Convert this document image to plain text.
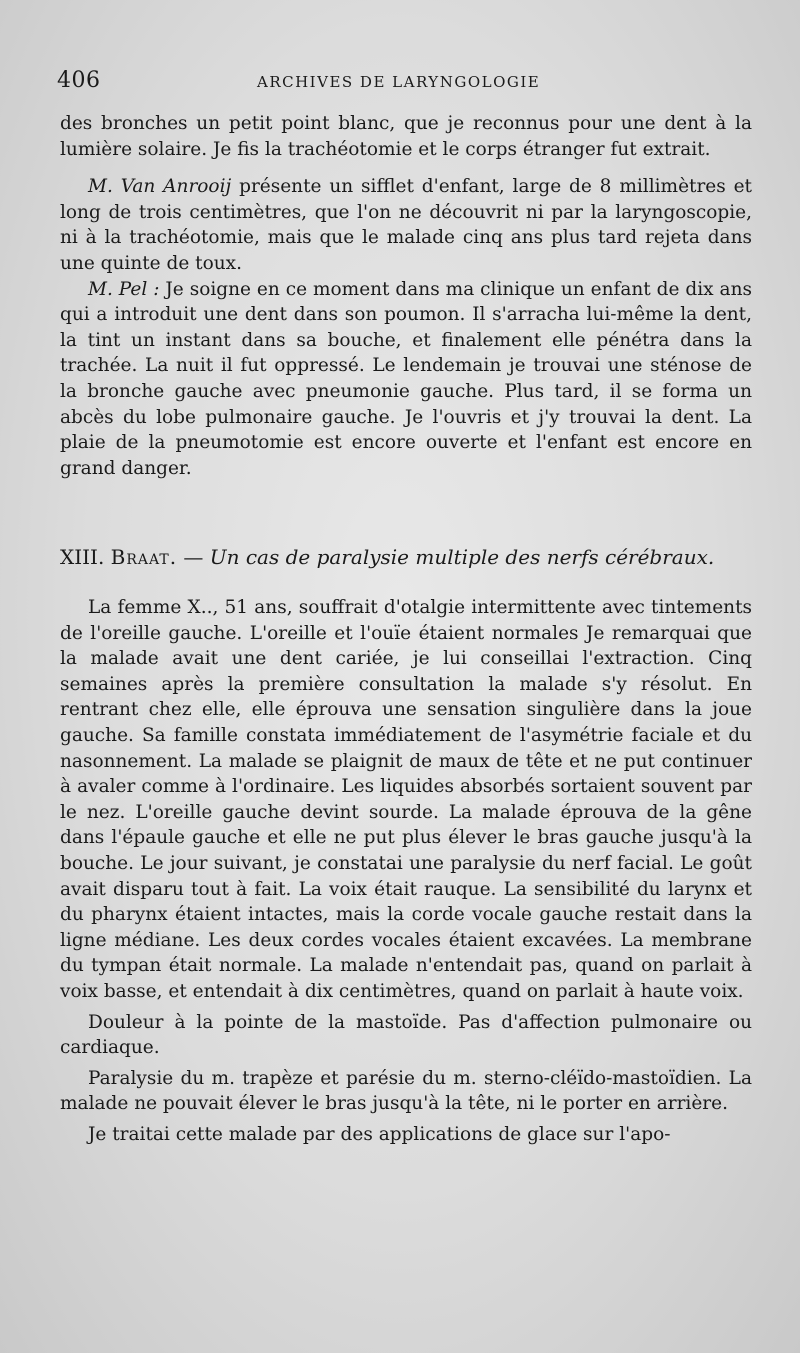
406	ARCHIVES DE LARYNGOLOGIE

des bronches un petit point blanc, que je reconnus pour une dent à la lumière solaire. Je fis la trachéotomie et le corps étranger fut extrait.

M. Van Anrooij présente un sifflet d'enfant, large de 8 millimètres et long de trois centimètres, que l'on ne découvrit ni par la laryngoscopie, ni à la trachéotomie, mais que le malade cinq ans plus tard rejeta dans une quinte de toux.

M. Pel : Je soigne en ce moment dans ma clinique un enfant de dix ans qui a introduit une dent dans son poumon. Il s'arracha lui-même la dent, la tint un instant dans sa bouche, et finalement elle pénétra dans la trachée. La nuit il fut oppressé. Le lendemain je trouvai une sténose de la bronche gauche avec pneumonie gauche. Plus tard, il se forma un abcès du lobe pulmonaire gauche. Je l'ouvris et j'y trouvai la dent. La plaie de la pneumotomie est encore ouverte et l'enfant est encore en grand danger.

XIII. Braat. — Un cas de paralysie multiple des nerfs cérébraux.

La femme X.., 51 ans, souffrait d'otalgie intermittente avec tintements de l'oreille gauche. L'oreille et l'ouïe étaient normales Je remarquai que la malade avait une dent cariée, je lui conseillai l'extraction. Cinq semaines après la première consultation la malade s'y résolut. En rentrant chez elle, elle éprouva une sensation singulière dans la joue gauche. Sa famille constata immédiatement de l'asymétrie faciale et du nasonnement. La malade se plaignit de maux de tête et ne put continuer à avaler comme à l'ordinaire. Les liquides absorbés sortaient souvent par le nez. L'oreille gauche devint sourde. La malade éprouva de la gêne dans l'épaule gauche et elle ne put plus élever le bras gauche jusqu'à la bouche. Le jour suivant, je constatai une paralysie du nerf facial. Le goût avait disparu tout à fait. La voix était rauque. La sensibilité du larynx et du pharynx étaient intactes, mais la corde vocale gauche restait dans la ligne médiane. Les deux cordes vocales étaient excavées. La membrane du tympan était normale. La malade n'entendait pas, quand on parlait à voix basse, et entendait à dix centimètres, quand on parlait à haute voix.

Douleur à la pointe de la mastoïde. Pas d'affection pulmonaire ou cardiaque.

Paralysie du m. trapèze et parésie du m. sterno-cléïdo-mastoïdien. La malade ne pouvait élever le bras jusqu'à la tête, ni le porter en arrière.

Je traitai cette malade par des applications de glace sur l'apo-
